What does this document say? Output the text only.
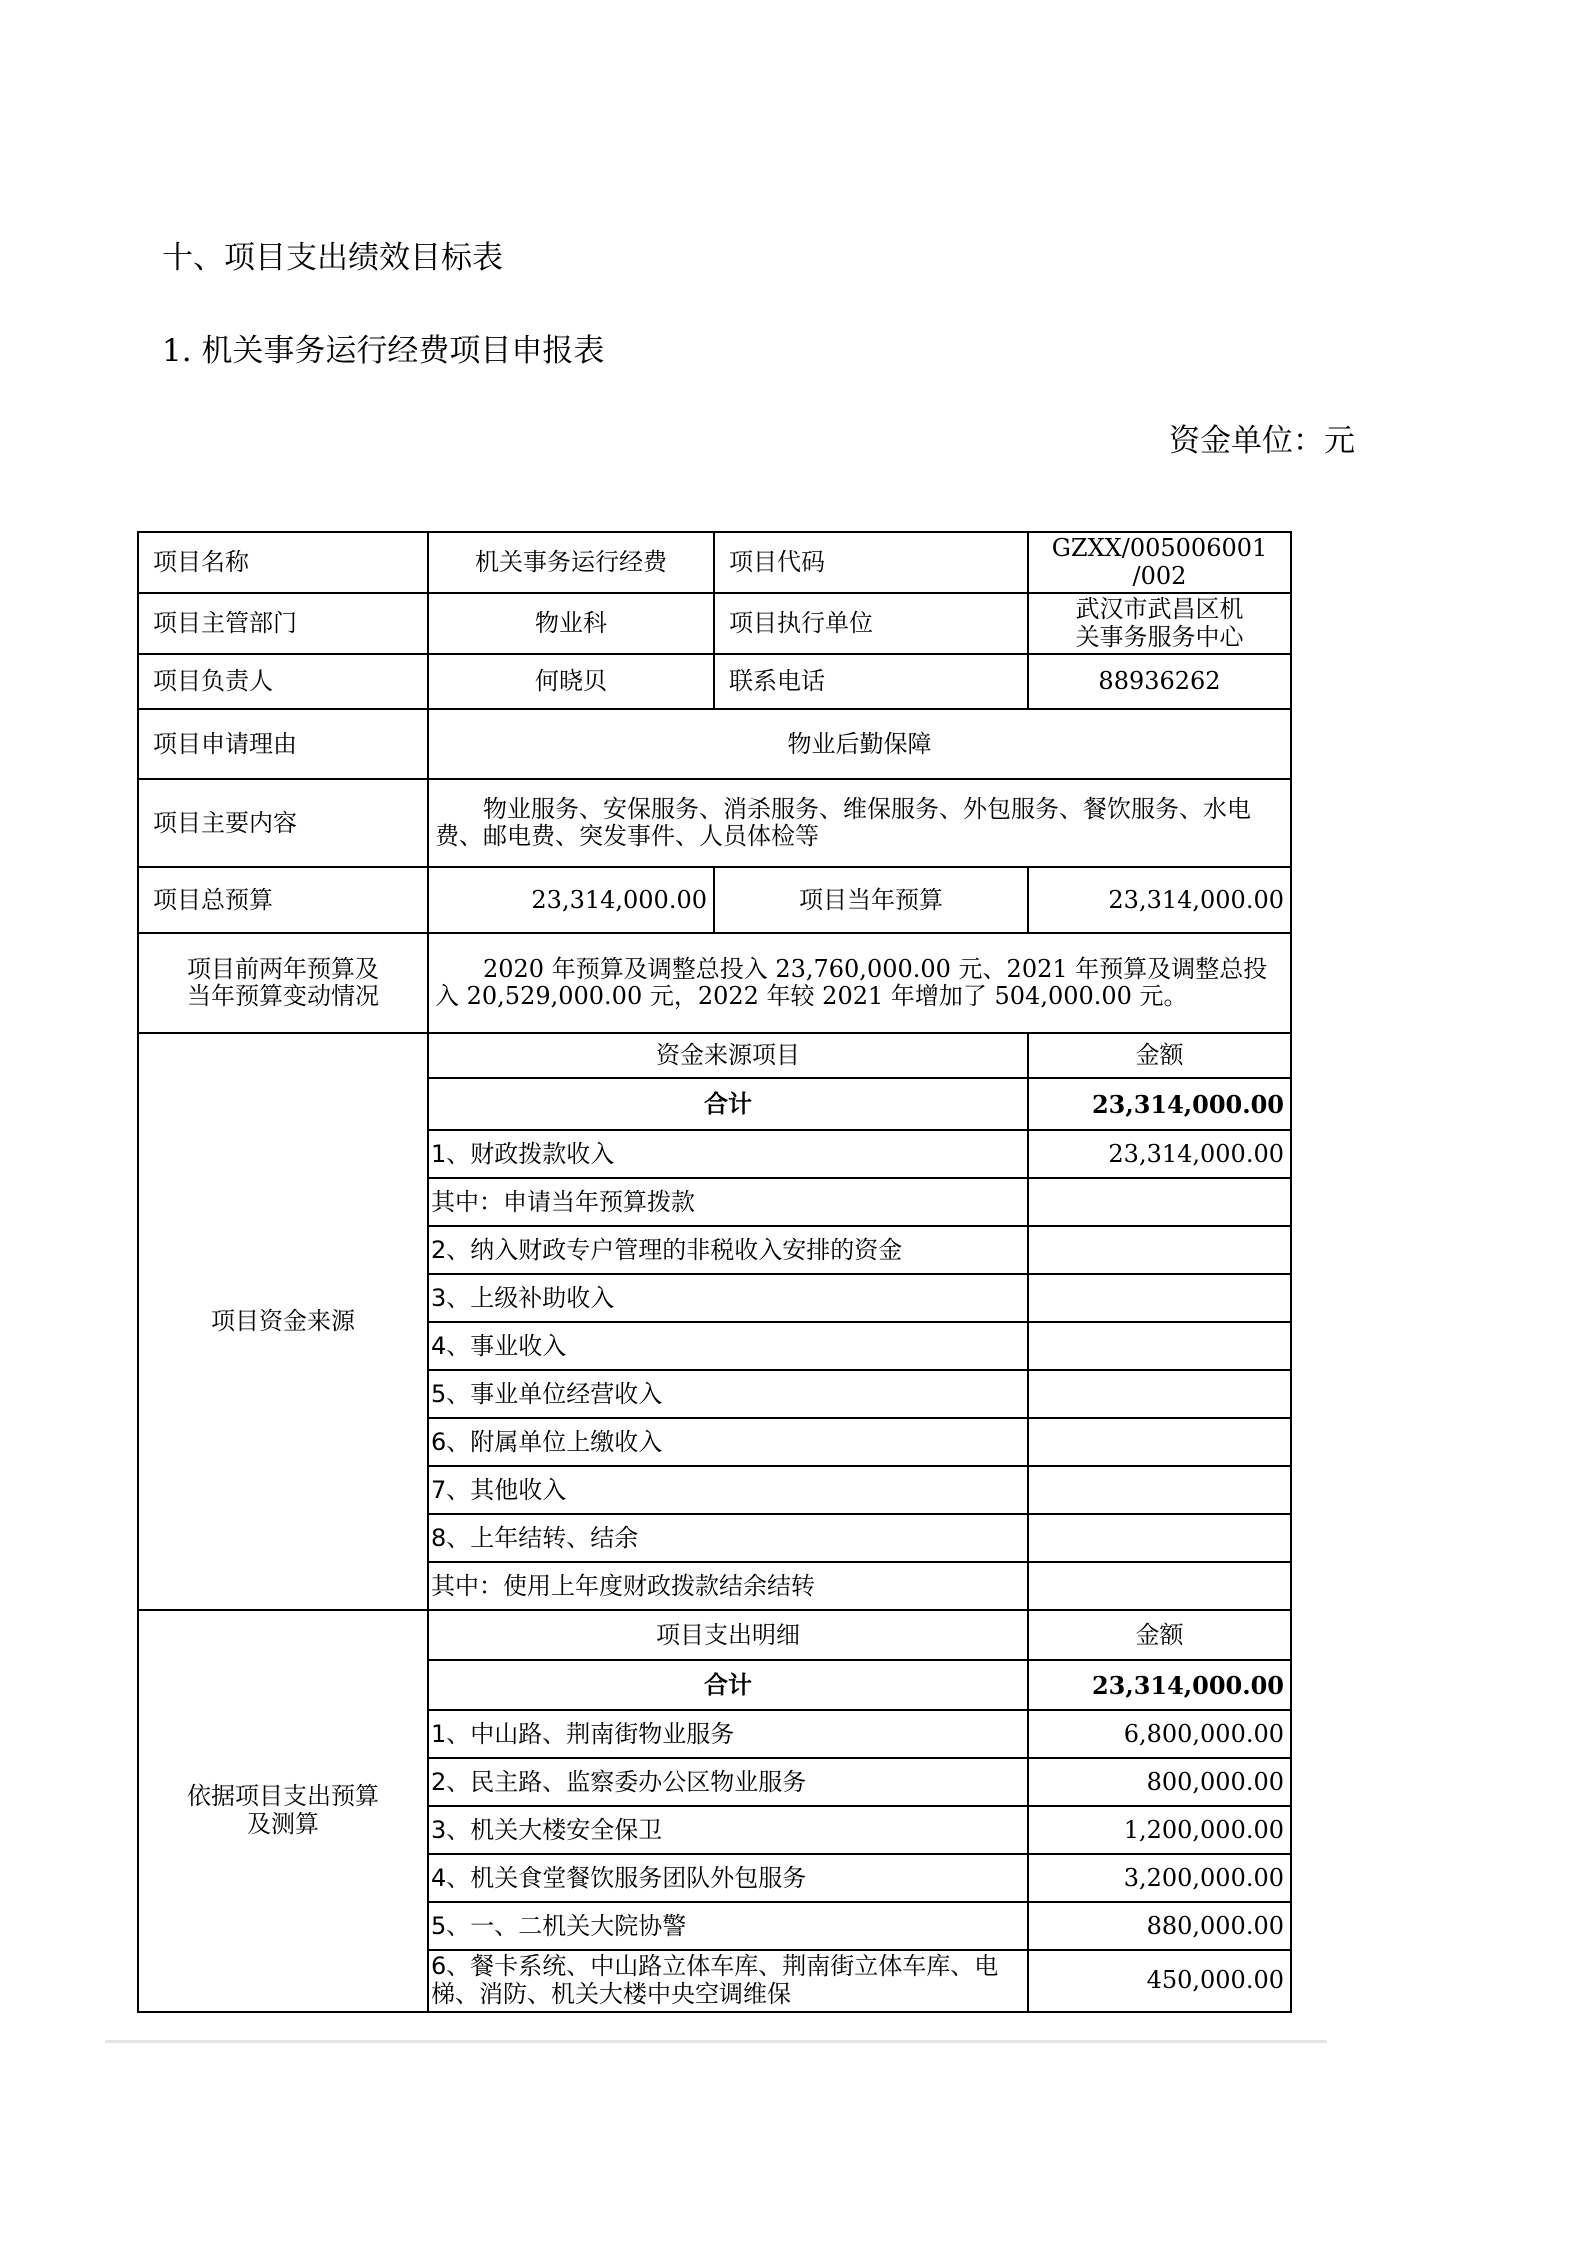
十、项目支出绩效目标表
1. 机关事务运行经费项目申报表
资金单位：元
项目名称	机关事务运行经费	项目代码	GZXX/005006001
/002

项目主管部门	物业科	项目执行单位	武汉市武昌区机
关事务服务中心

项目负责人	何晓贝	联系电话	88936262
项目申请理由	物业后勤保障		
项目主要内容	物业服务、安保服务、消杀服务、维保服务、外包服务、餐饮服务、水电费、邮电费、突发事件、人员体检等		
项目总预算	23,314,000.00	项目当年预算	23,314,000.00

项目前两年预算及
当年预算变动情况	2020 年预算及调整总投入 23,760,000.00 元、2021 年预算及调整总投入 20,529,000.00 元，2022 年较 2021 年增加了 504,000.00 元。		
项目资金来源	资金来源项目		金额
	合计		23,314,000.00
	1、财政拨款收入		23,314,000.00
	其中：申请当年预算拨款		
	2、纳入财政专户管理的非税收入安排的资金		
	3、上级补助收入		
	4、事业收入		
	5、事业单位经营收入		
	6、附属单位上缴收入		
	7、其他收入		
	8、上年结转、结余		
	其中：使用上年度财政拨款结余结转		

依据项目支出预算
及测算	项目支出明细		金额
	合计		23,314,000.00
	1、中山路、荆南街物业服务		6,800,000.00
	2、民主路、监察委办公区物业服务		800,000.00
	3、机关大楼安全保卫		1,200,000.00
	4、机关食堂餐饮服务团队外包服务		3,200,000.00
	5、一、二机关大院协警		880,000.00
	6、餐卡系统、中山路立体车库、荆南街立体车库、电梯、消防、机关大楼中央空调维保		450,000.00
